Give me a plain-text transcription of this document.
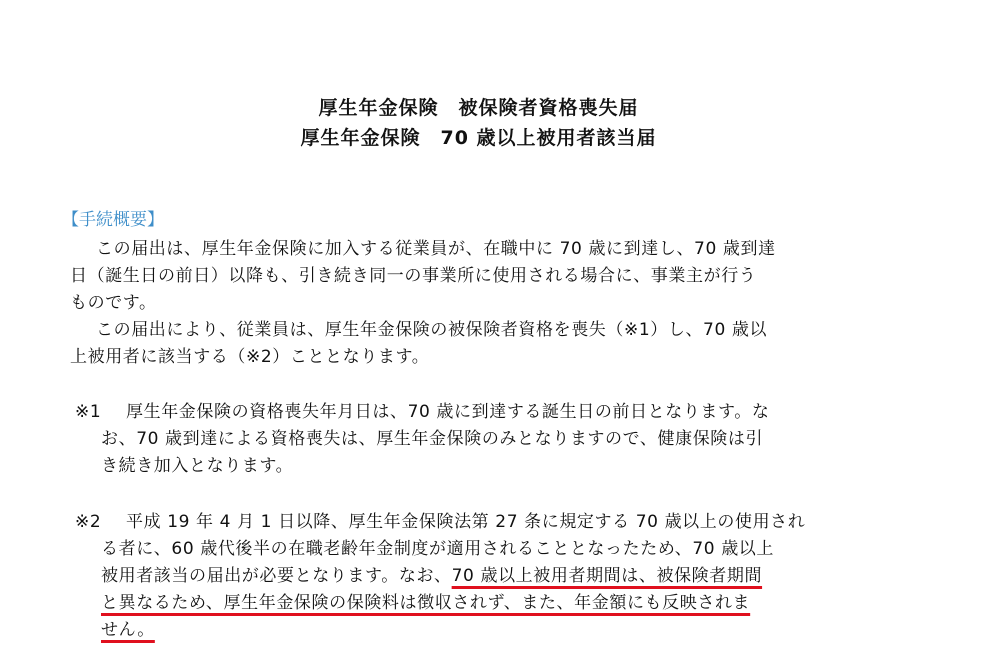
厚生年金保険　被保険者資格喪失届
厚生年金保険　70 歳以上被用者該当届
【手続概要】
この届出は、厚生年金保険に加入する従業員が、在職中に 70 歳に到達し、70 歳到達
日（誕生日の前日）以降も、引き続き同一の事業所に使用される場合に、事業主が行う
ものです。
この届出により、従業員は、厚生年金保険の被保険者資格を喪失（※1）し、70 歳以
上被用者に該当する（※2）こととなります。
※1 厚生年金保険の資格喪失年月日は、70 歳に到達する誕生日の前日となります。な
お、70 歳到達による資格喪失は、厚生年金保険のみとなりますので、健康保険は引
き続き加入となります。
※2 平成 19 年 4 月 1 日以降、厚生年金保険法第 27 条に規定する 70 歳以上の使用され
る者に、60 歳代後半の在職老齢年金制度が適用されることとなったため、70 歳以上
被用者該当の届出が必要となります。なお、70 歳以上被用者期間は、被保険者期間
と異なるため、厚生年金保険の保険料は徴収されず、また、年金額にも反映されま
せん。
